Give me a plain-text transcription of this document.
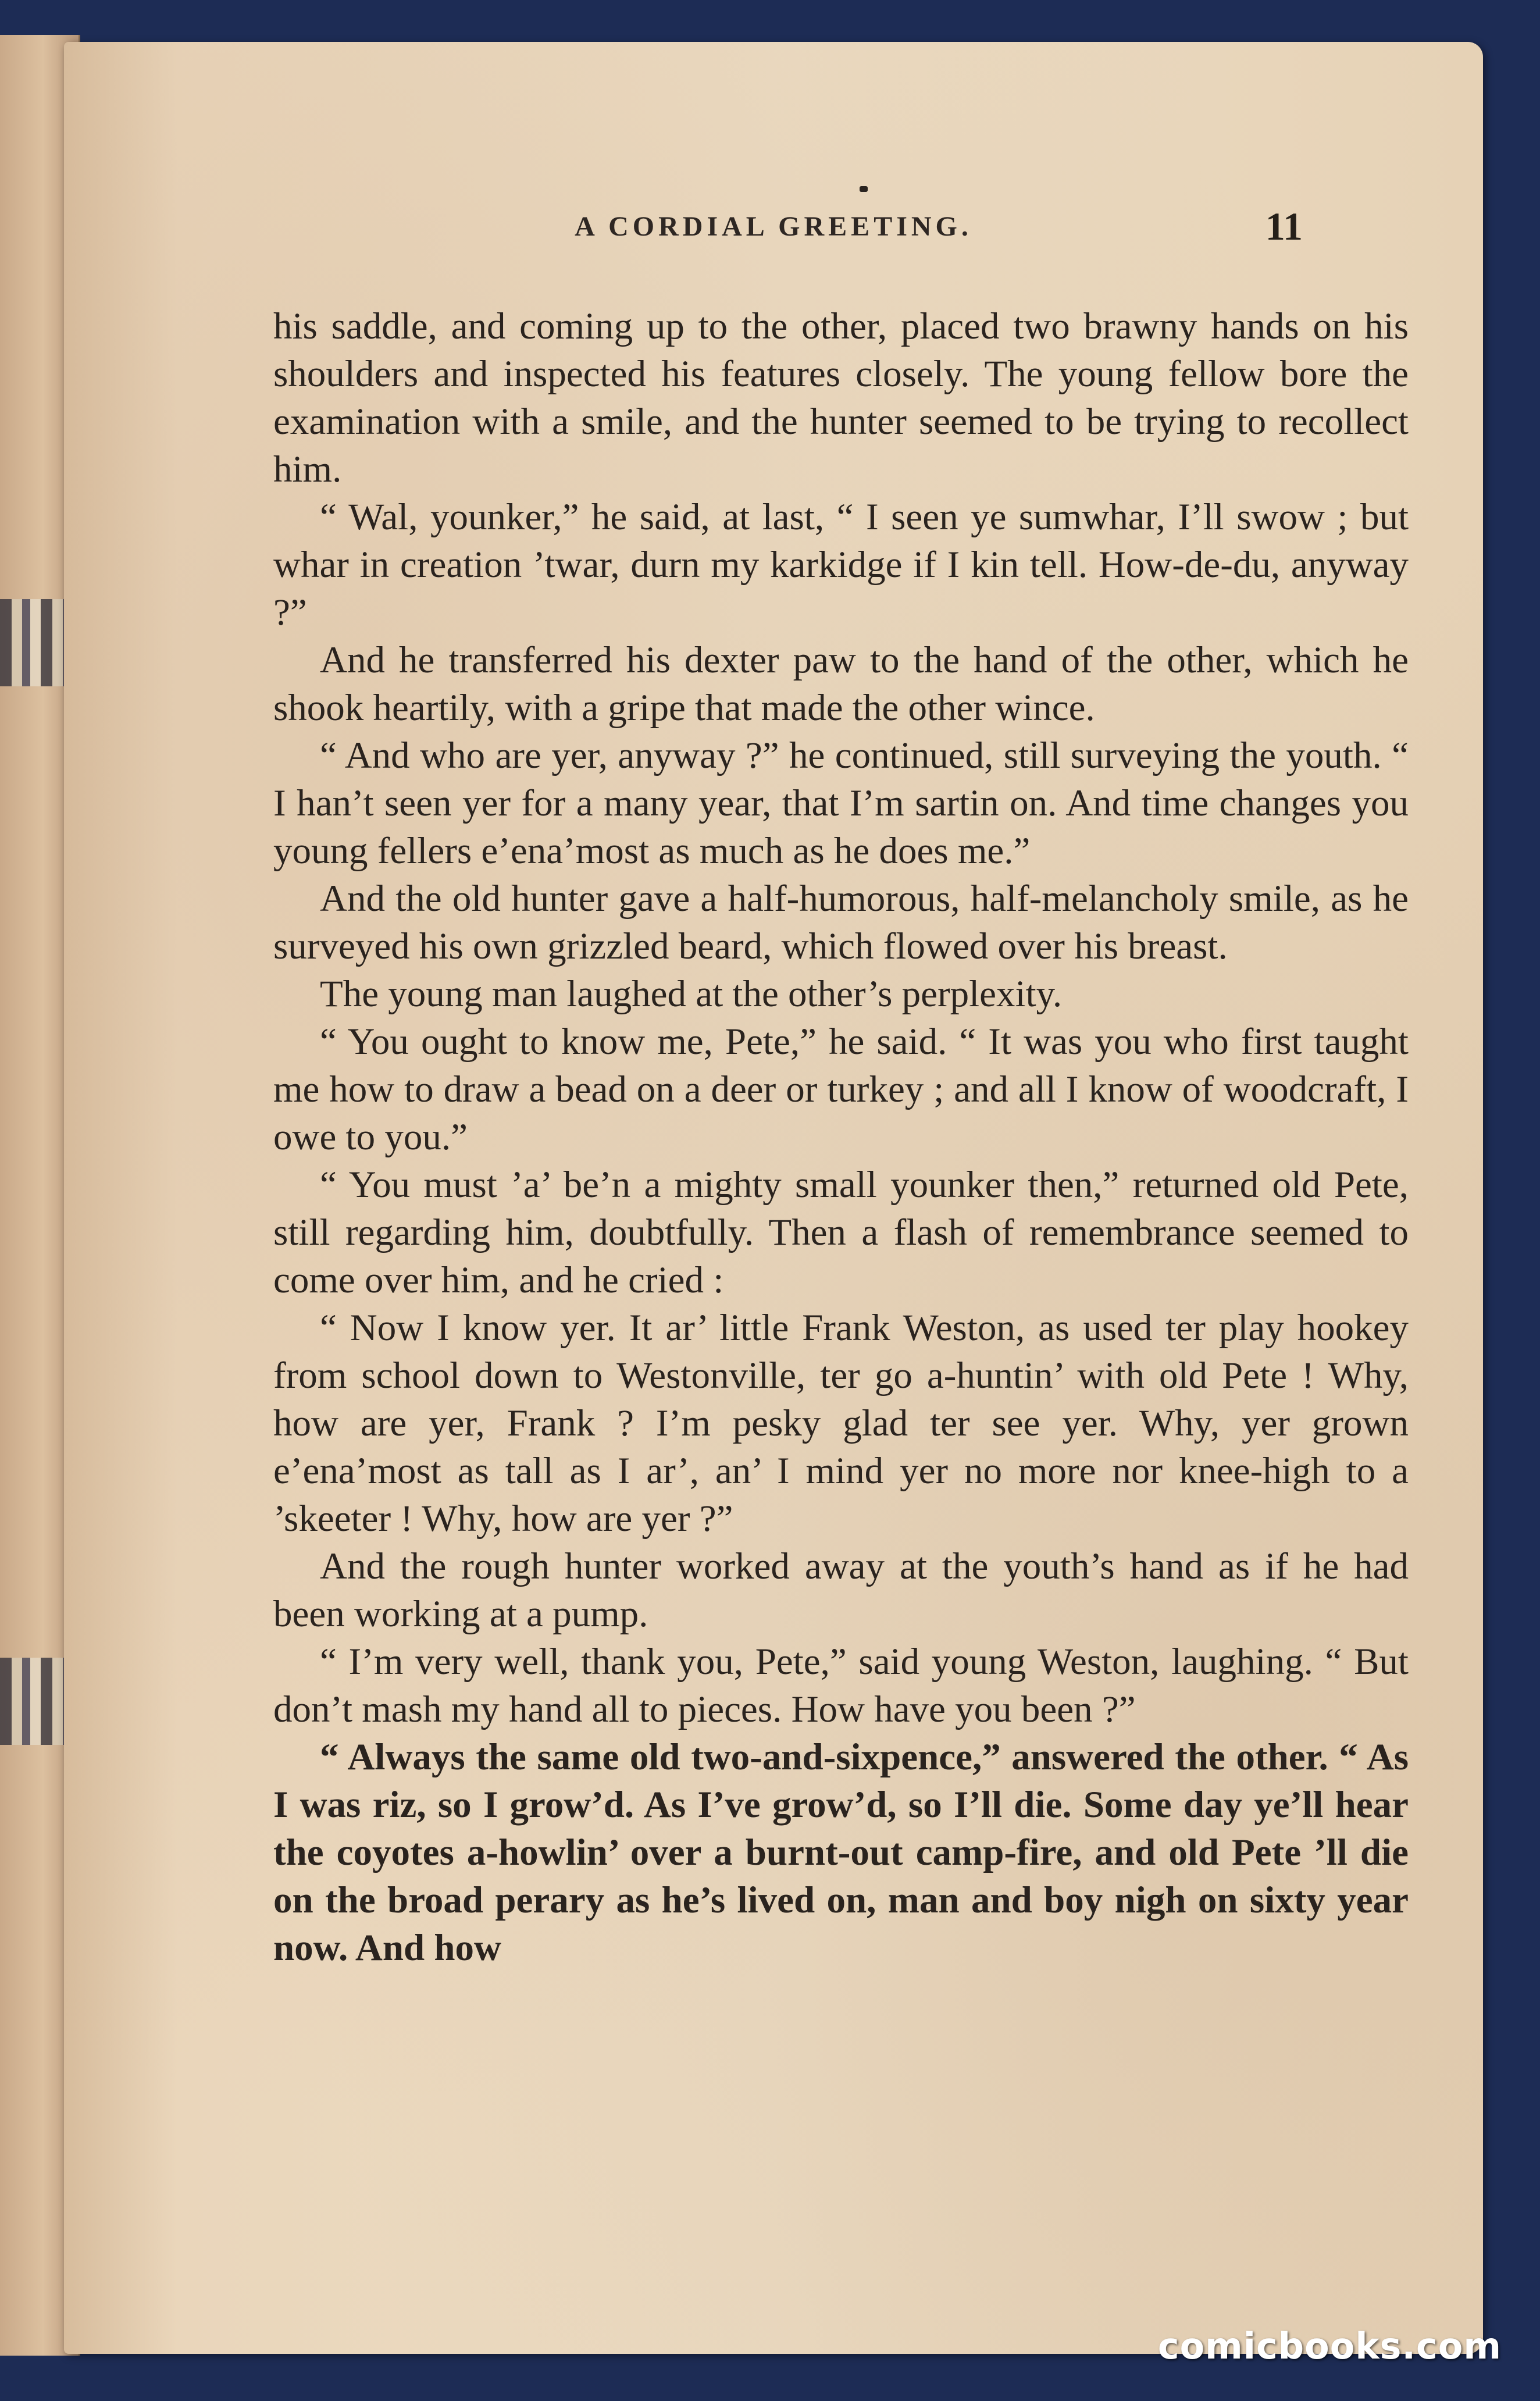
A CORDIAL GREETING.	11

his saddle, and coming up to the other, placed two brawny hands on his shoulders and inspected his features closely. The young fellow bore the examination with a smile, and the hunter seemed to be trying to recollect him.

“ Wal, younker,” he said, at last, “ I seen ye sumwhar, I’ll swow ; but whar in creation ’twar, durn my karkidge if I kin tell. How-de-du, anyway ?”

And he transferred his dexter paw to the hand of the other, which he shook heartily, with a gripe that made the other wince.

“ And who are yer, anyway ?” he continued, still surveying the youth. “ I han’t seen yer for a many year, that I’m sartin on. And time changes you young fellers e’ena’most as much as he does me.”

And the old hunter gave a half-humorous, half-melancholy smile, as he surveyed his own grizzled beard, which flowed over his breast.

The young man laughed at the other’s perplexity.

“ You ought to know me, Pete,” he said. “ It was you who first taught me how to draw a bead on a deer or turkey ; and all I know of woodcraft, I owe to you.”

“ You must ’a’ be’n a mighty small younker then,” returned old Pete, still regarding him, doubtfully. Then a flash of remembrance seemed to come over him, and he cried :

“ Now I know yer. It ar’ little Frank Weston, as used ter play hookey from school down to Westonville, ter go a-huntin’ with old Pete ! Why, how are yer, Frank ? I’m pesky glad ter see yer. Why, yer grown e’ena’most as tall as I ar’, an’ I mind yer no more nor knee-high to a ’skeeter ! Why, how are yer ?”

And the rough hunter worked away at the youth’s hand as if he had been working at a pump.

“ I’m very well, thank you, Pete,” said young Weston, laughing. “ But don’t mash my hand all to pieces. How have you been ?”

“ Always the same old two-and-sixpence,” answered the other. “ As I was riz, so I grow’d. As I’ve grow’d, so I’ll die. Some day ye’ll hear the coyotes a-howlin’ over a burnt-out camp-fire, and old Pete ’ll die on the broad perary as he’s lived on, man and boy nigh on sixty year now. And how

comicbooks.com
